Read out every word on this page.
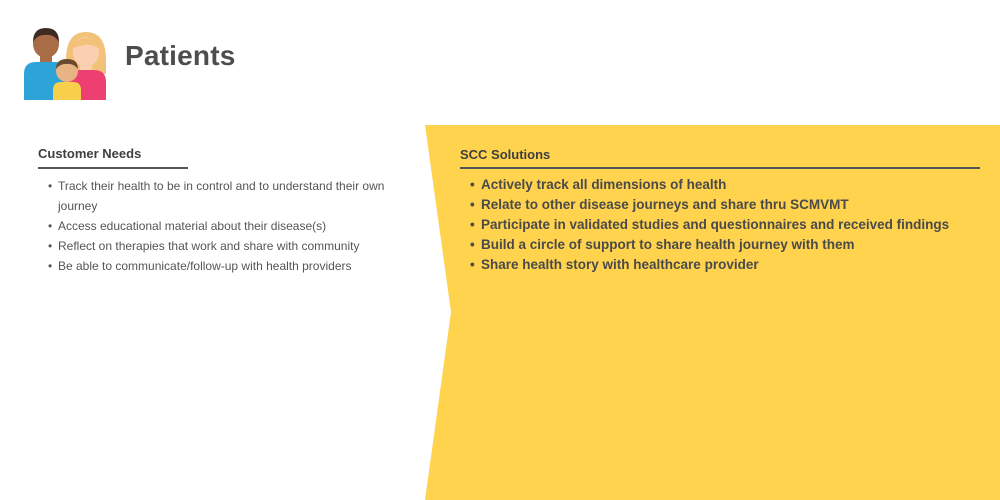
Patients
Customer Needs
• Track their health to be in control and to understand their own journey
• Access educational material about their disease(s)
• Reflect on therapies that work and share with community
• Be able to communicate/follow-up with health providers
SCC Solutions
• Actively track all dimensions of health
• Relate to other disease journeys and share thru SCMVMT
• Participate in validated studies and questionnaires and received findings
• Build a circle of support to share health journey with them
• Share health story with healthcare provider
